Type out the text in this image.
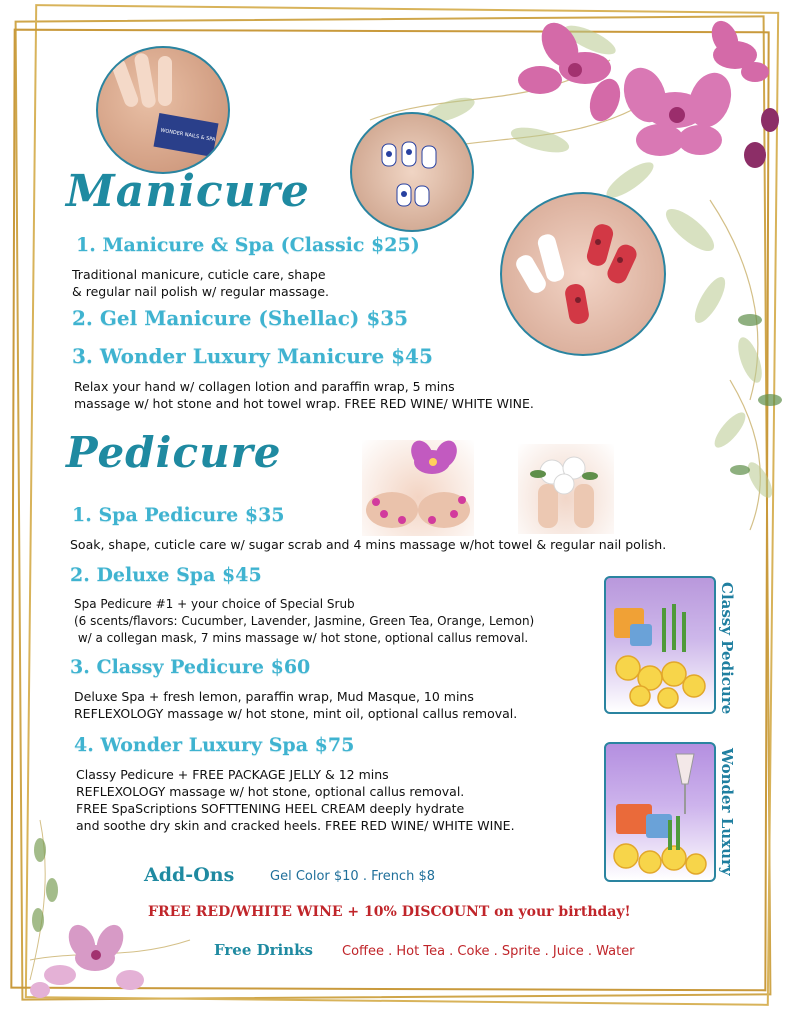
WONDER NAILS & SPA
Classy Pedicure
Wonder Luxury
Manicure
1. Manicure & Spa (Classic $25)
Traditional manicure, cuticle care, shape
& regular nail polish w/ regular massage.
2. Gel Manicure (Shellac) $35
3. Wonder Luxury Manicure $45
Relax your hand w/ collagen lotion and paraffin wrap, 5 mins
massage w/ hot stone and hot towel wrap. FREE RED WINE/ WHITE WINE.
Pedicure
1. Spa Pedicure $35
Soak, shape, cuticle care w/ sugar scrab and 4 mins massage w/hot towel & regular nail polish.
2. Deluxe Spa $45
Spa Pedicure #1 + your choice of Special Srub
(6 scents/flavors: Cucumber, Lavender, Jasmine, Green Tea, Orange, Lemon)
w/ a collegan mask, 7 mins massage w/ hot stone, optional callus removal.
3. Classy Pedicure $60
Deluxe Spa + fresh lemon, paraffin wrap, Mud Masque, 10 mins
REFLEXOLOGY massage w/ hot stone, mint oil, optional callus removal.
4. Wonder Luxury Spa $75
Classy Pedicure + FREE PACKAGE JELLY & 12 mins
REFLEXOLOGY massage w/ hot stone, optional callus removal.
FREE SpaScriptions SOFTTENING HEEL CREAM deeply hydrate
and soothe dry skin and cracked heels. FREE RED WINE/ WHITE WINE.
Add-Ons	Gel Color $10 . French $8
FREE RED/WHITE WINE + 10% DISCOUNT on your birthday!
Free Drinks Coffee . Hot Tea . Coke . Sprite . Juice . Water
